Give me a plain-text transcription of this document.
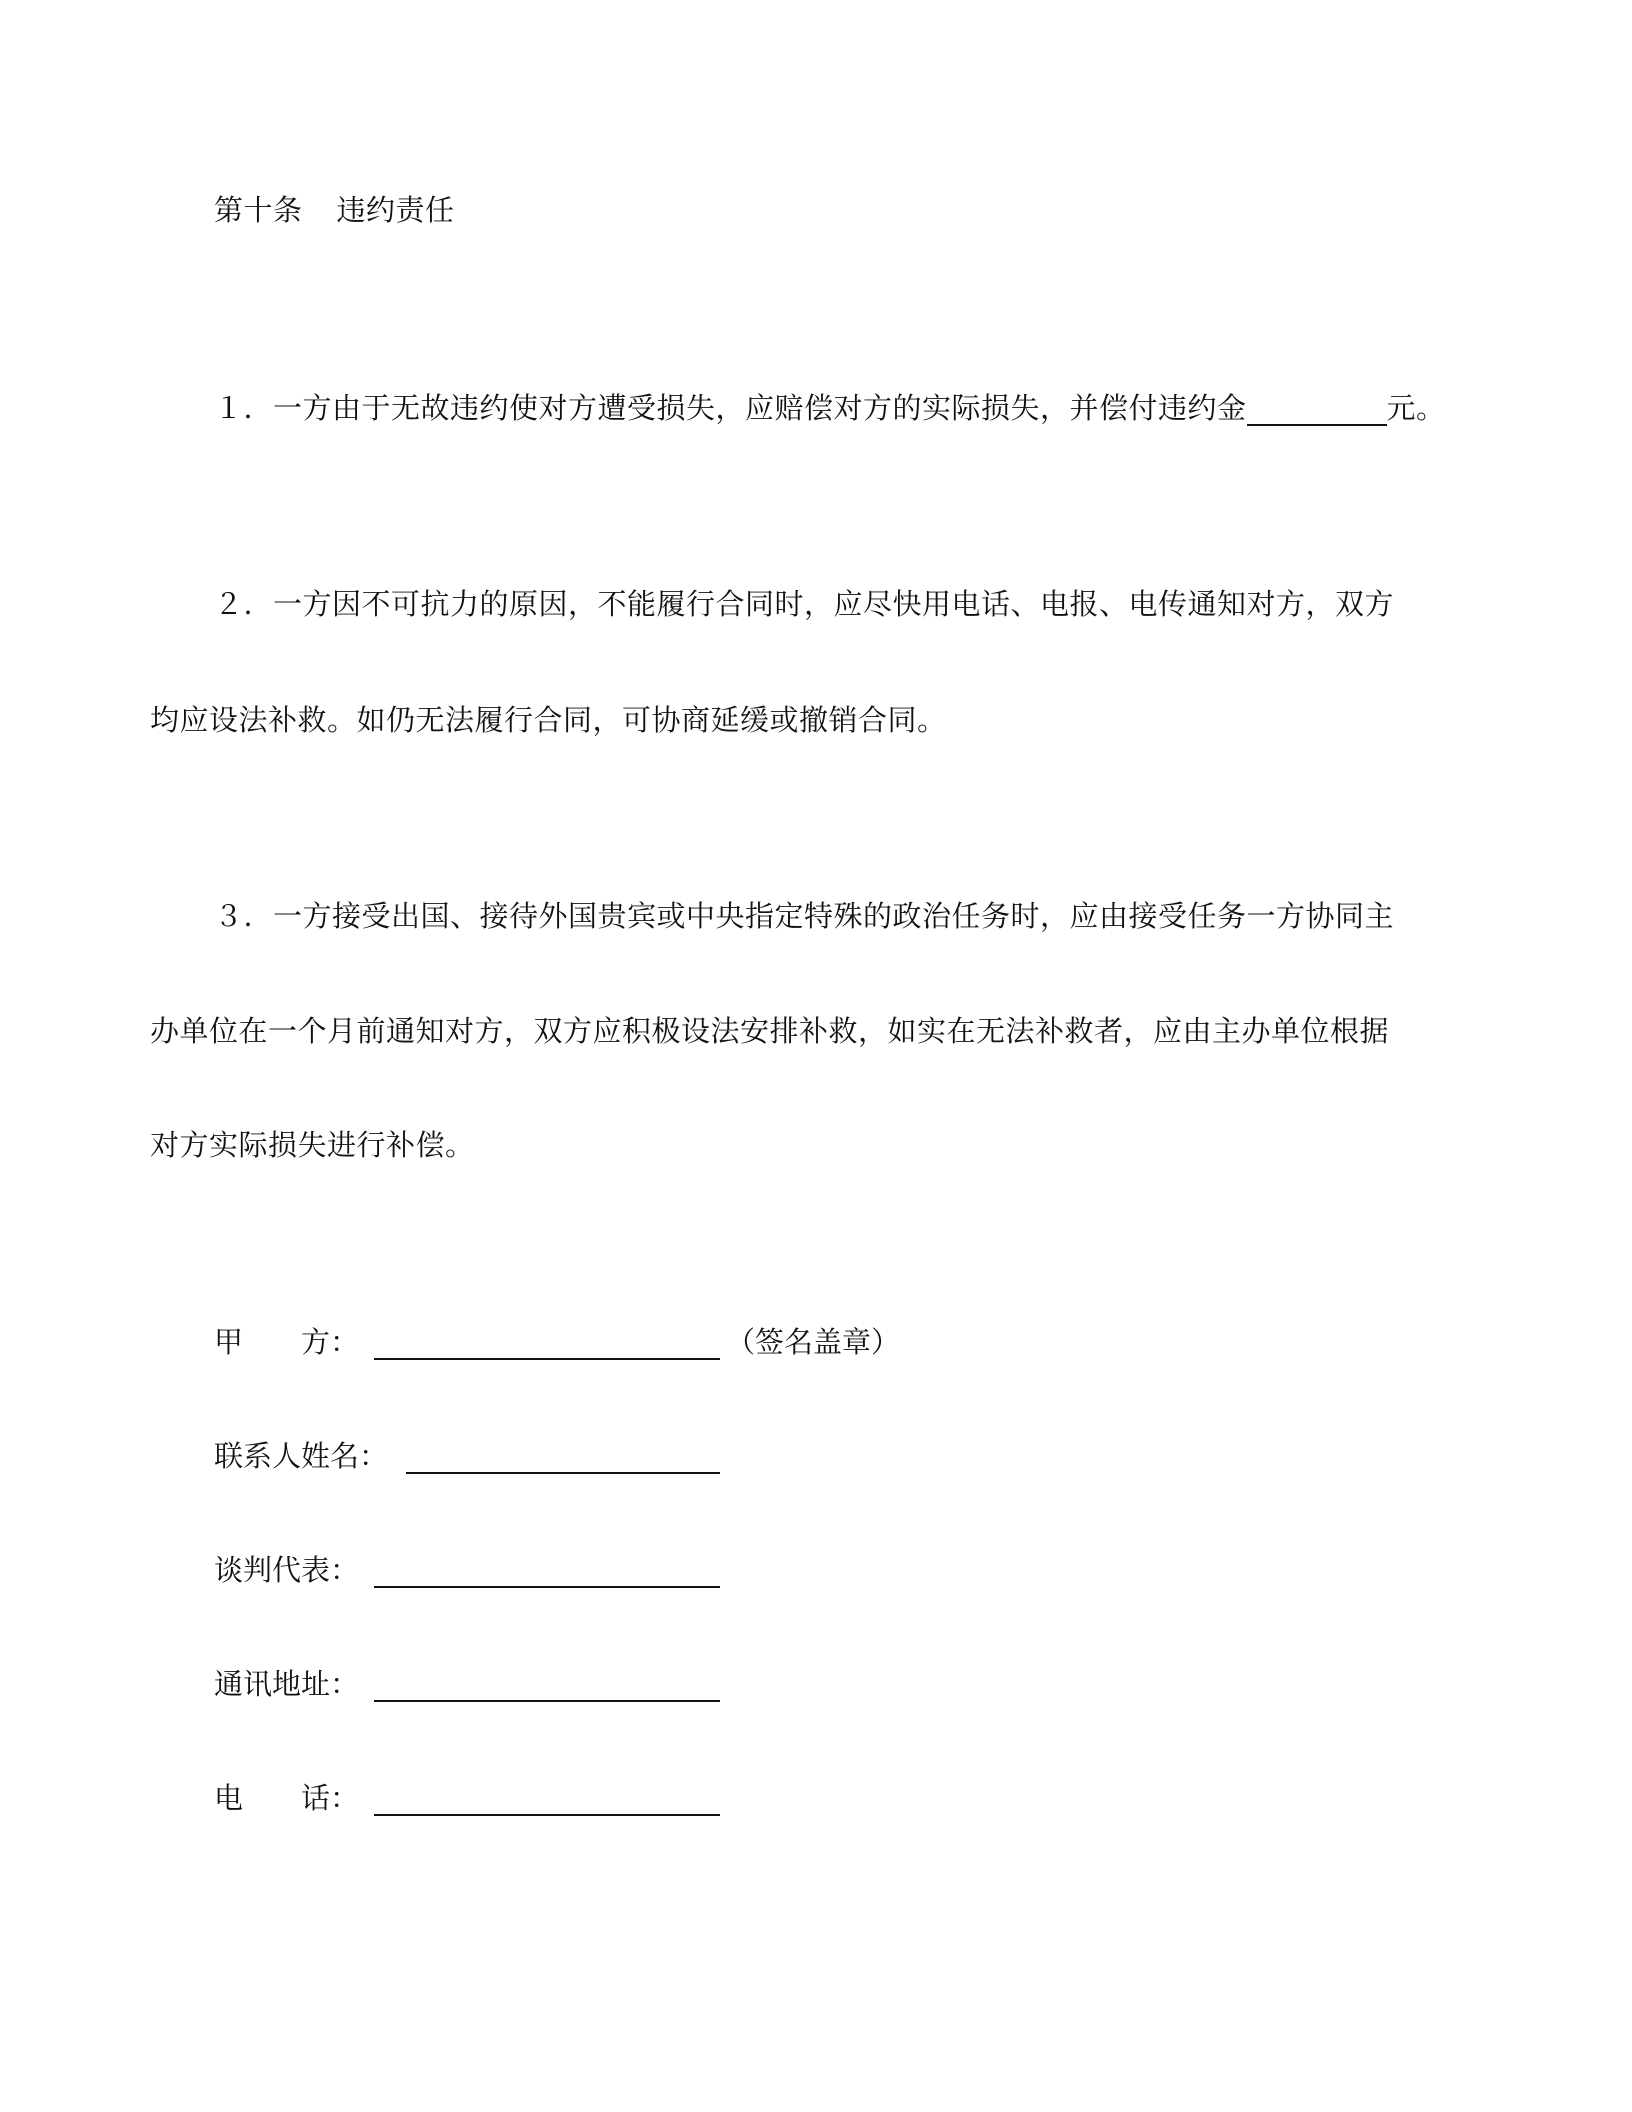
第十条 违约责任
１．一方由于无故违约使对方遭受损失，应赔偿对方的实际损失，并偿付违约金	元。
２．一方因不可抗力的原因，不能履行合同时，应尽快用电话、电报、电传通知对方，双方
均应设法补救。如仍无法履行合同，可协商延缓或撤销合同。
３．一方接受出国、接待外国贵宾或中央指定特殊的政治任务时，应由接受任务一方协同主
办单位在一个月前通知对方，双方应积极设法安排补救，如实在无法补救者，应由主办单位根据
对方实际损失进行补偿。
甲　　方：	（签名盖章）
联系人姓名：
谈判代表：
通讯地址：
电　　话：
